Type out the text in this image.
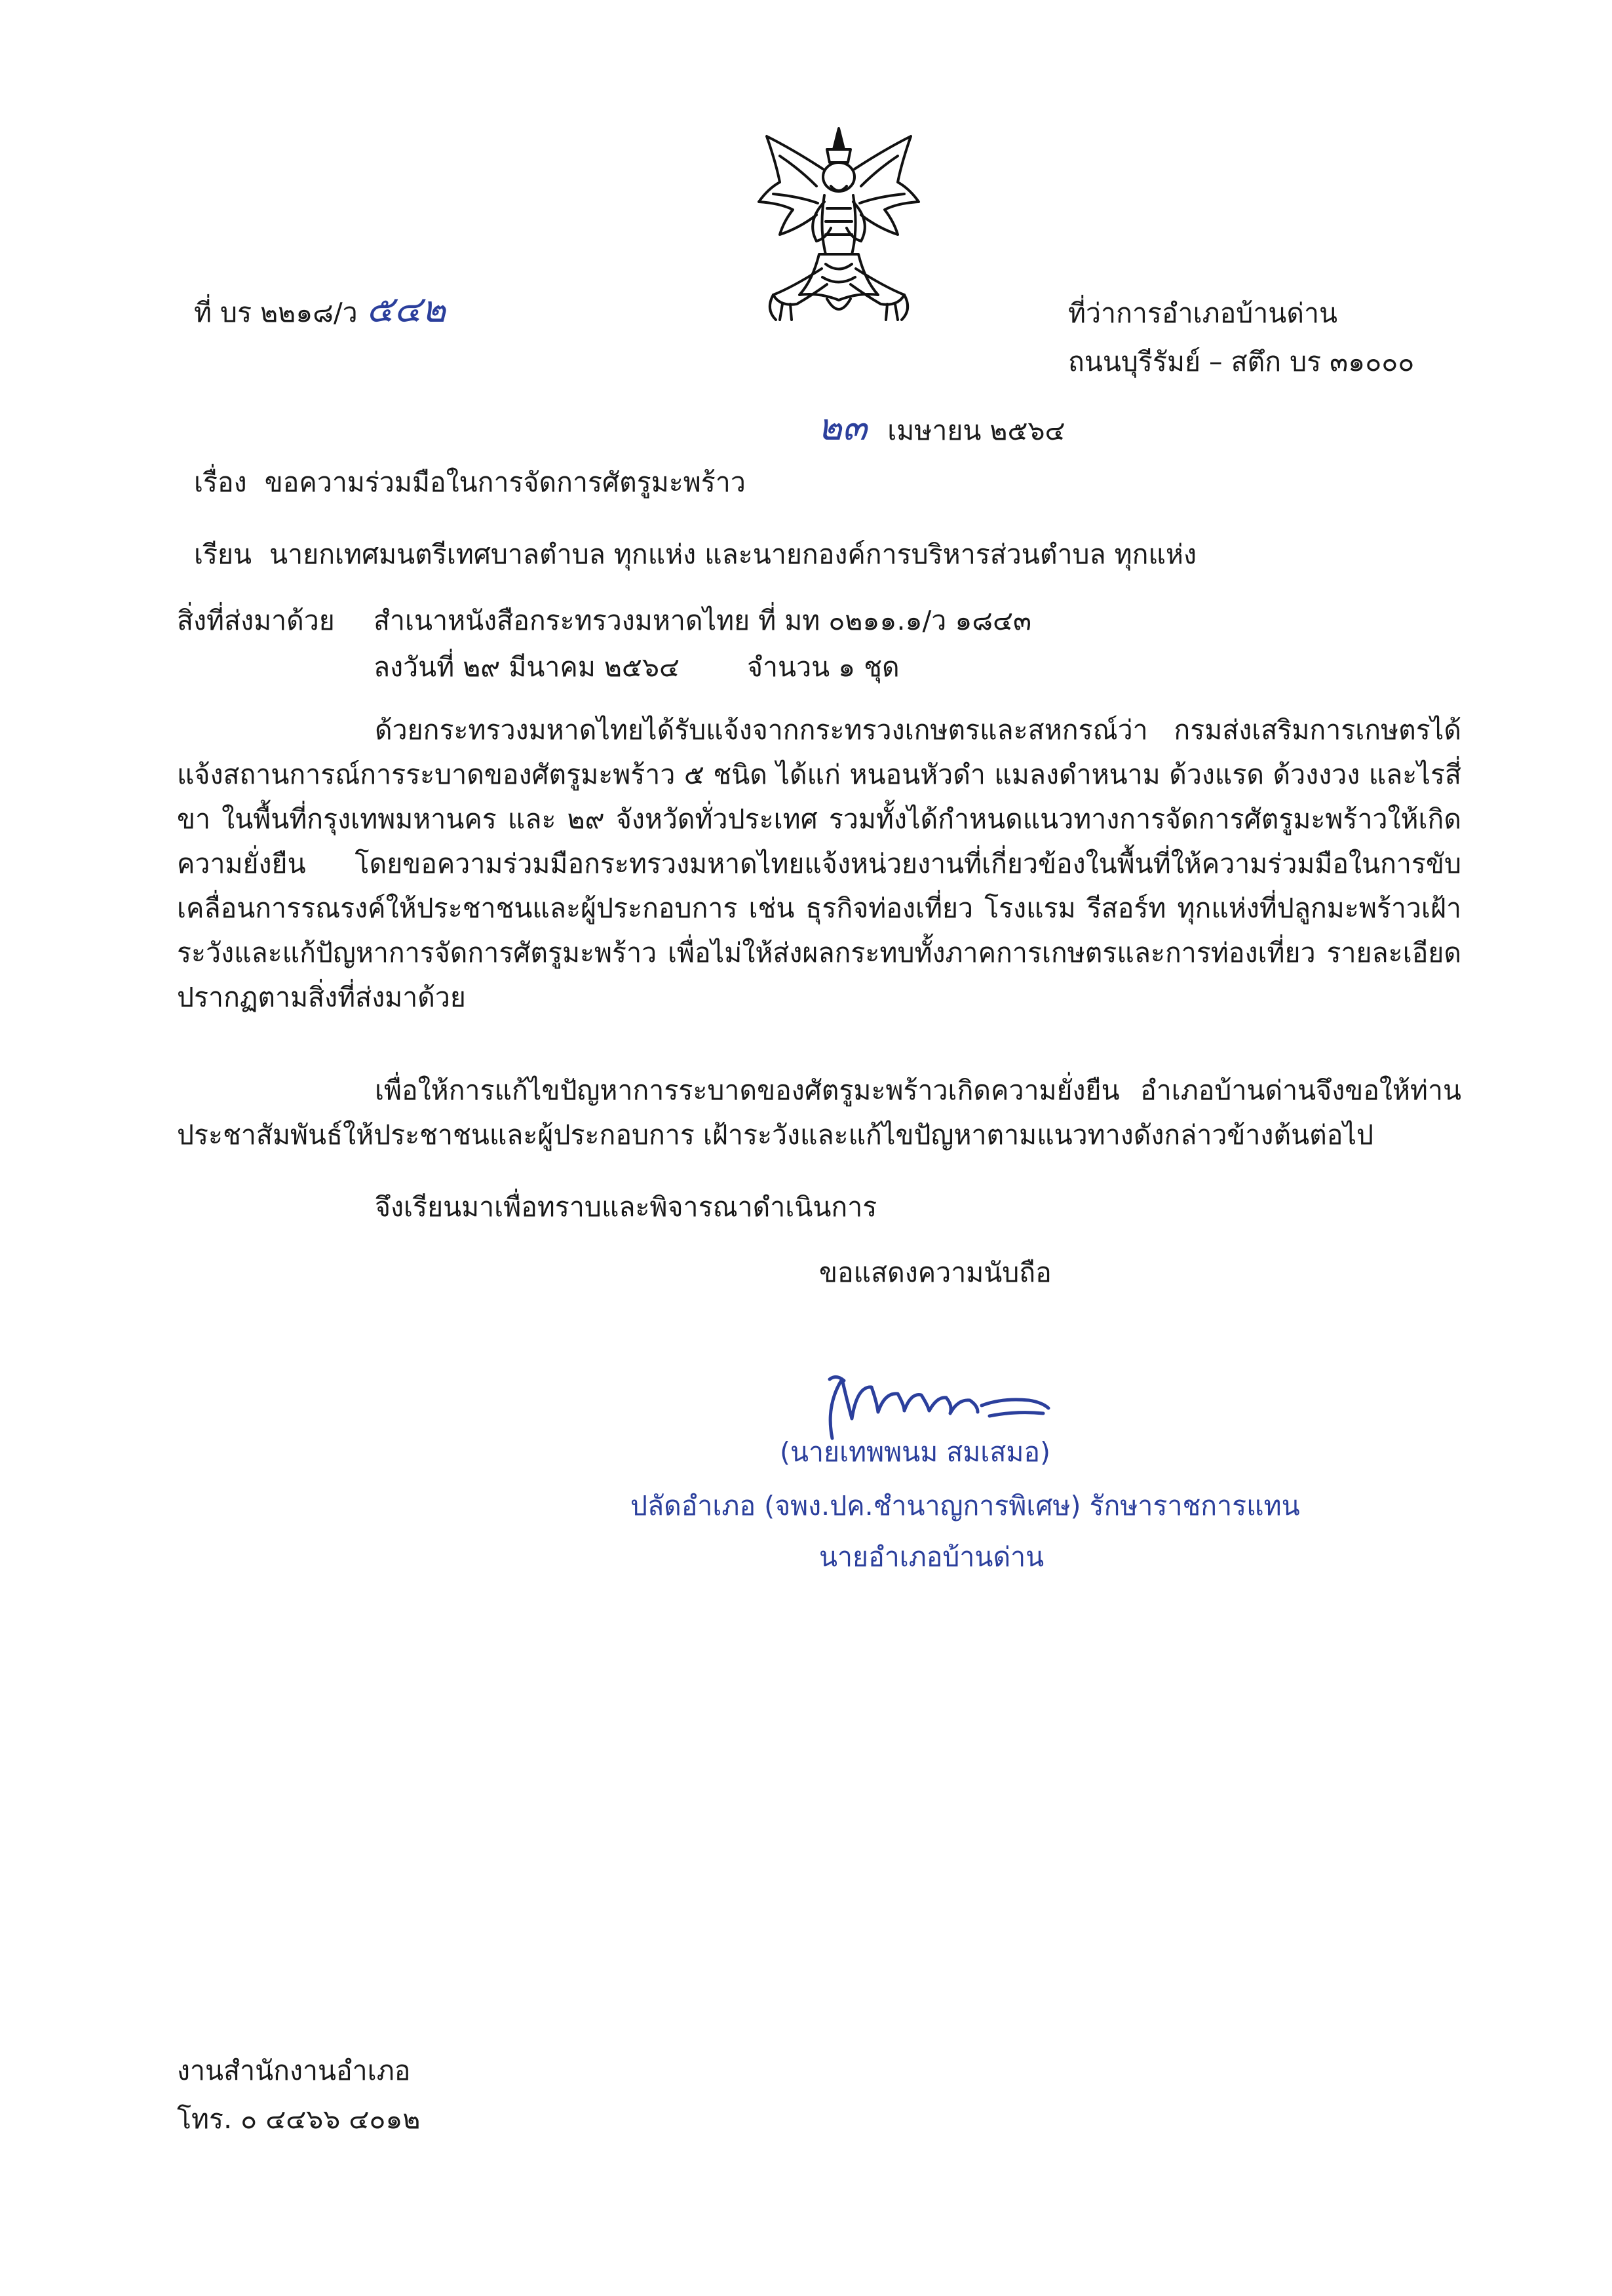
ที่ บร ๒๒๑๘/ว ๕๔๒	ที่ว่าการอำเภอบ้านด่าน
ถนนบุรีรัมย์ – สตึก บร ๓๑๐๐๐
๒๓ เมษายน ๒๕๖๔
เรื่อง ขอความร่วมมือในการจัดการศัตรูมะพร้าว
เรียน นายกเทศมนตรีเทศบาลตำบล ทุกแห่ง และนายกองค์การบริหารส่วนตำบล ทุกแห่ง
สิ่งที่ส่งมาด้วย สำเนาหนังสือกระทรวงมหาดไทย ที่ มท ๐๒๑๑.๑/ว ๑๘๔๓
ลงวันที่ ๒๙ มีนาคม ๒๕๖๔	จำนวน ๑ ชุด
ด้วยกระทรวงมหาดไทยได้รับแจ้งจากกระทรวงเกษตรและสหกรณ์ว่า กรมส่งเสริมการเกษตรได้แจ้งสถานการณ์การระบาดของศัตรูมะพร้าว ๕ ชนิด ได้แก่ หนอนหัวดำ แมลงดำหนาม ด้วงแรด ด้วงงวง และไรสี่ขา ในพื้นที่กรุงเทพมหานคร และ ๒๙ จังหวัดทั่วประเทศ รวมทั้งได้กำหนดแนวทางการจัดการศัตรูมะพร้าวให้เกิดความยั่งยืน โดยขอความร่วมมือกระทรวงมหาดไทยแจ้งหน่วยงานที่เกี่ยวข้องในพื้นที่ให้ความร่วมมือในการขับเคลื่อนการรณรงค์ให้ประชาชนและผู้ประกอบการ เช่น ธุรกิจท่องเที่ยว โรงแรม รีสอร์ท ทุกแห่งที่ปลูกมะพร้าวเฝ้าระวังและแก้ปัญหาการจัดการศัตรูมะพร้าว เพื่อไม่ให้ส่งผลกระทบทั้งภาคการเกษตรและการท่องเที่ยว รายละเอียดปรากฏตามสิ่งที่ส่งมาด้วย
เพื่อให้การแก้ไขปัญหาการระบาดของศัตรูมะพร้าวเกิดความยั่งยืน อำเภอบ้านด่านจึงขอให้ท่านประชาสัมพันธ์ให้ประชาชนและผู้ประกอบการ เฝ้าระวังและแก้ไขปัญหาตามแนวทางดังกล่าวข้างต้นต่อไป
จึงเรียนมาเพื่อทราบและพิจารณาดำเนินการ
ขอแสดงความนับถือ
(นายเทพพนม สมเสมอ)
ปลัดอำเภอ (จพง.ปค.ชำนาญการพิเศษ) รักษาราชการแทน
นายอำเภอบ้านด่าน
งานสำนักงานอำเภอ
โทร. ๐ ๔๔๖๖ ๔๐๑๒
